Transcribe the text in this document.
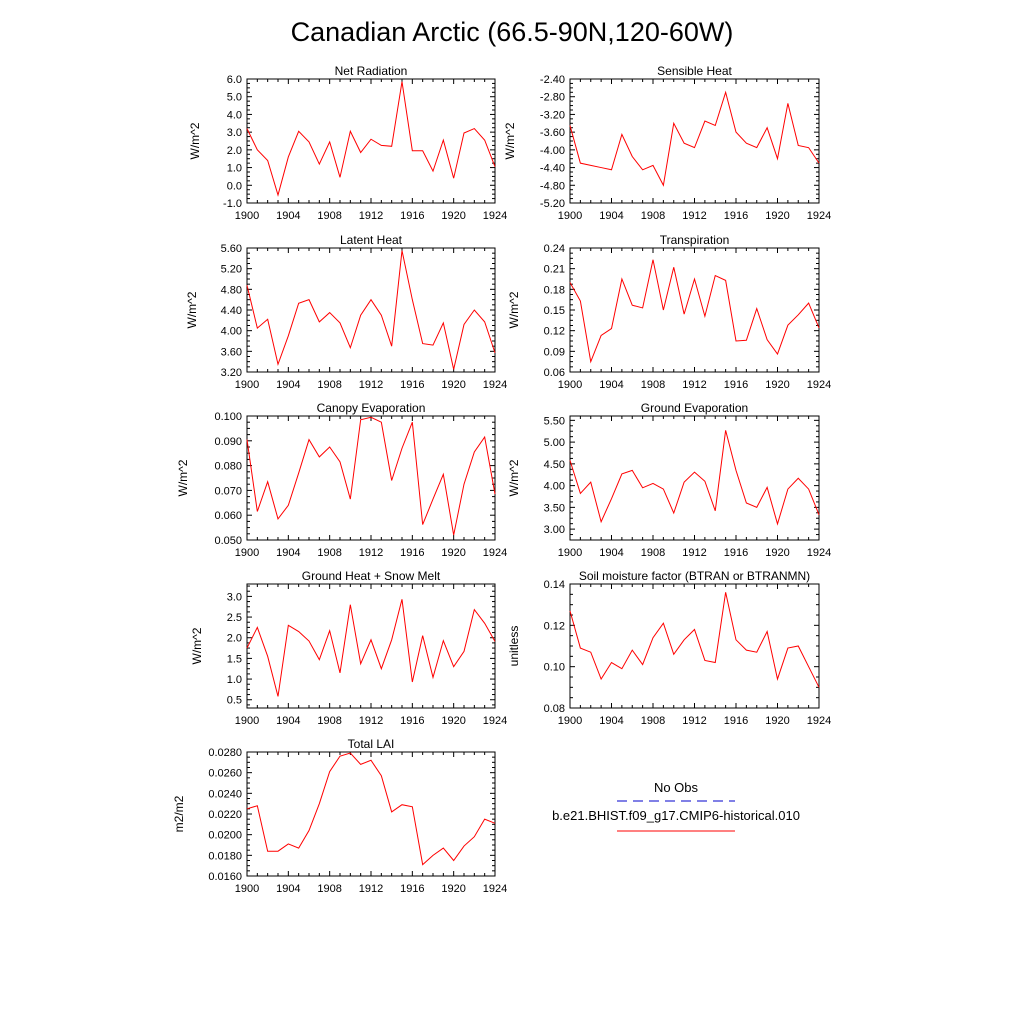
Canadian Arctic (66.5-90N,120-60W)
Net Radiation
W/m^2
1900 1904 1908 1912 1916 1920 1924
-1.0
0.0
1.0
2.0
3.0
4.0
5.0
6.0
Sensible Heat
W/m^2
1900 1904 1908 1912 1916 1920 1924
-5.20
-4.80
-4.40
-4.00
-3.60
-3.20
-2.80
-2.40
Latent Heat
W/m^2
1900 1904 1908 1912 1916 1920 1924
3.20
3.60
4.00
4.40
4.80
5.20
5.60
Transpiration
W/m^2
1900 1904 1908 1912 1916 1920 1924
0.06
0.09
0.12
0.15
0.18
0.21
0.24
Canopy Evaporation
W/m^2
1900 1904 1908 1912 1916 1920 1924
0.050
0.060
0.070
0.080
0.090
0.100
Ground Evaporation
W/m^2
1900 1904 1908 1912 1916 1920 1924
3.00
3.50
4.00
4.50
5.00
5.50
Ground Heat + Snow Melt
W/m^2
1900 1904 1908 1912 1916 1920 1924
0.5
1.0
1.5
2.0
2.5
3.0
Soil moisture factor (BTRAN or BTRANMN)
unitless
1900 1904 1908 1912 1916 1920 1924
0.08
0.10
0.12
0.14
Total LAI
m2/m2
1900 1904 1908 1912 1916 1920 1924
0.0160
0.0180
0.0200
0.0220
0.0240
0.0260
0.0280
No Obs
b.e21.BHIST.f09_g17.CMIP6-historical.010
